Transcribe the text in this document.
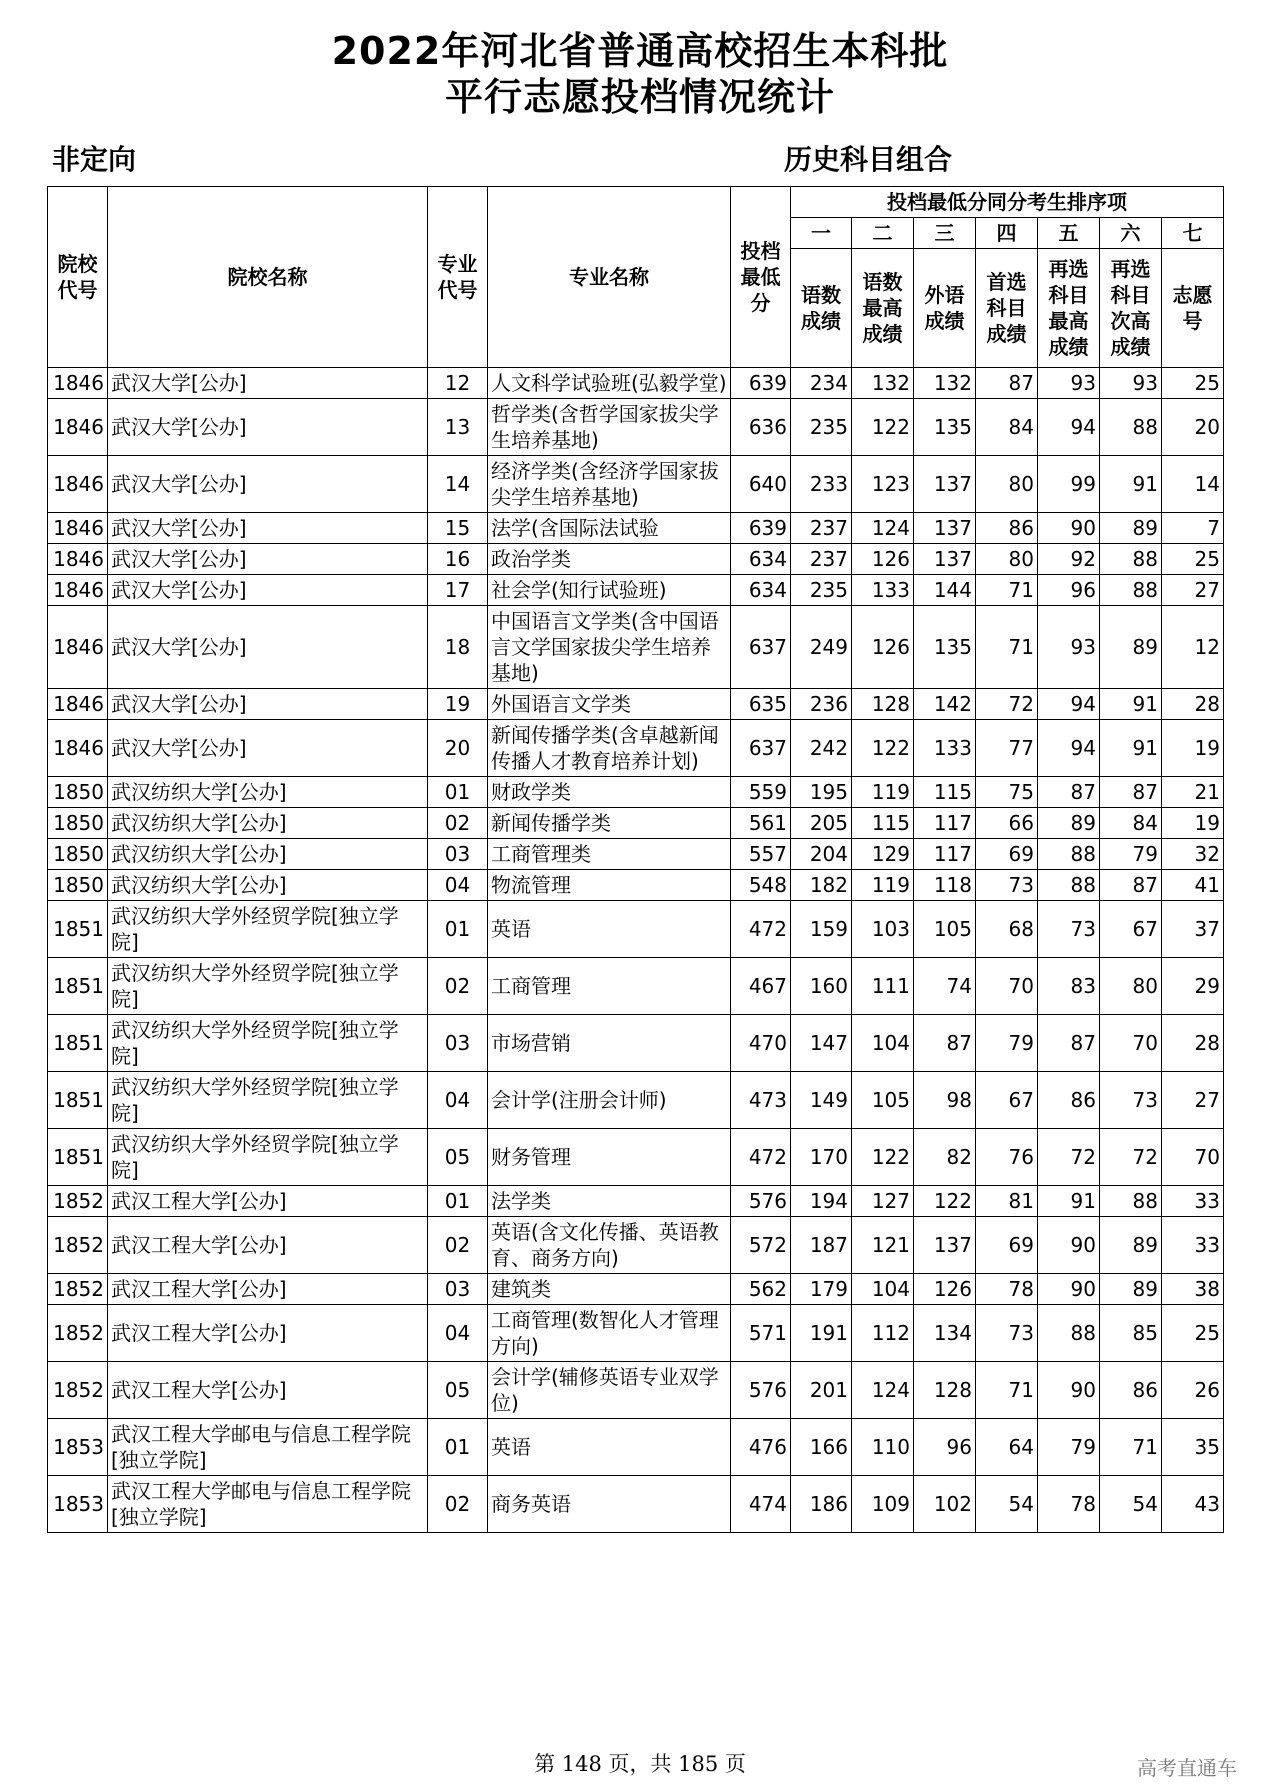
2022年河北省普通高校招生本科批
平行志愿投档情况统计
非定向	历史科目组合
院校代号	院校名称	专业代号	专业名称	投档最低分	投档最低分同分考生排序项						
					一	二	三	四	五	六	七
					语数成绩	语数最高成绩	外语成绩	首选科目成绩	再选科目最高成绩	再选科目次高成绩	志愿号
1846	武汉大学[公办]	12	人文科学试验班(弘毅学堂)	639	234	132	132	87	93	93	25
1846	武汉大学[公办]	13	哲学类(含哲学国家拔尖学生培养基地)	636	235	122	135	84	94	88	20
1846	武汉大学[公办]	14	经济学类(含经济学国家拔尖学生培养基地)	640	233	123	137	80	99	91	14
1846	武汉大学[公办]	15	法学(含国际法试验	639	237	124	137	86	90	89	7
1846	武汉大学[公办]	16	政治学类	634	237	126	137	80	92	88	25
1846	武汉大学[公办]	17	社会学(知行试验班)	634	235	133	144	71	96	88	27
1846	武汉大学[公办]	18	中国语言文学类(含中国语言文学国家拔尖学生培养基地)	637	249	126	135	71	93	89	12
1846	武汉大学[公办]	19	外国语言文学类	635	236	128	142	72	94	91	28
1846	武汉大学[公办]	20	新闻传播学类(含卓越新闻传播人才教育培养计划)	637	242	122	133	77	94	91	19
1850	武汉纺织大学[公办]	01	财政学类	559	195	119	115	75	87	87	21
1850	武汉纺织大学[公办]	02	新闻传播学类	561	205	115	117	66	89	84	19
1850	武汉纺织大学[公办]	03	工商管理类	557	204	129	117	69	88	79	32
1850	武汉纺织大学[公办]	04	物流管理	548	182	119	118	73	88	87	41
1851	武汉纺织大学外经贸学院[独立学院]	01	英语	472	159	103	105	68	73	67	37
1851	武汉纺织大学外经贸学院[独立学院]	02	工商管理	467	160	111	74	70	83	80	29
1851	武汉纺织大学外经贸学院[独立学院]	03	市场营销	470	147	104	87	79	87	70	28
1851	武汉纺织大学外经贸学院[独立学院]	04	会计学(注册会计师)	473	149	105	98	67	86	73	27
1851	武汉纺织大学外经贸学院[独立学院]	05	财务管理	472	170	122	82	76	72	72	70
1852	武汉工程大学[公办]	01	法学类	576	194	127	122	81	91	88	33
1852	武汉工程大学[公办]	02	英语(含文化传播、英语教育、商务方向)	572	187	121	137	69	90	89	33
1852	武汉工程大学[公办]	03	建筑类	562	179	104	126	78	90	89	38
1852	武汉工程大学[公办]	04	工商管理(数智化人才管理方向)	571	191	112	134	73	88	85	25
1852	武汉工程大学[公办]	05	会计学(辅修英语专业双学位)	576	201	124	128	71	90	86	26
1853	武汉工程大学邮电与信息工程学院[独立学院]	01	英语	476	166	110	96	64	79	71	35
1853	武汉工程大学邮电与信息工程学院[独立学院]	02	商务英语	474	186	109	102	54	78	54	43
第 148 页，共 185 页	高考直通车
